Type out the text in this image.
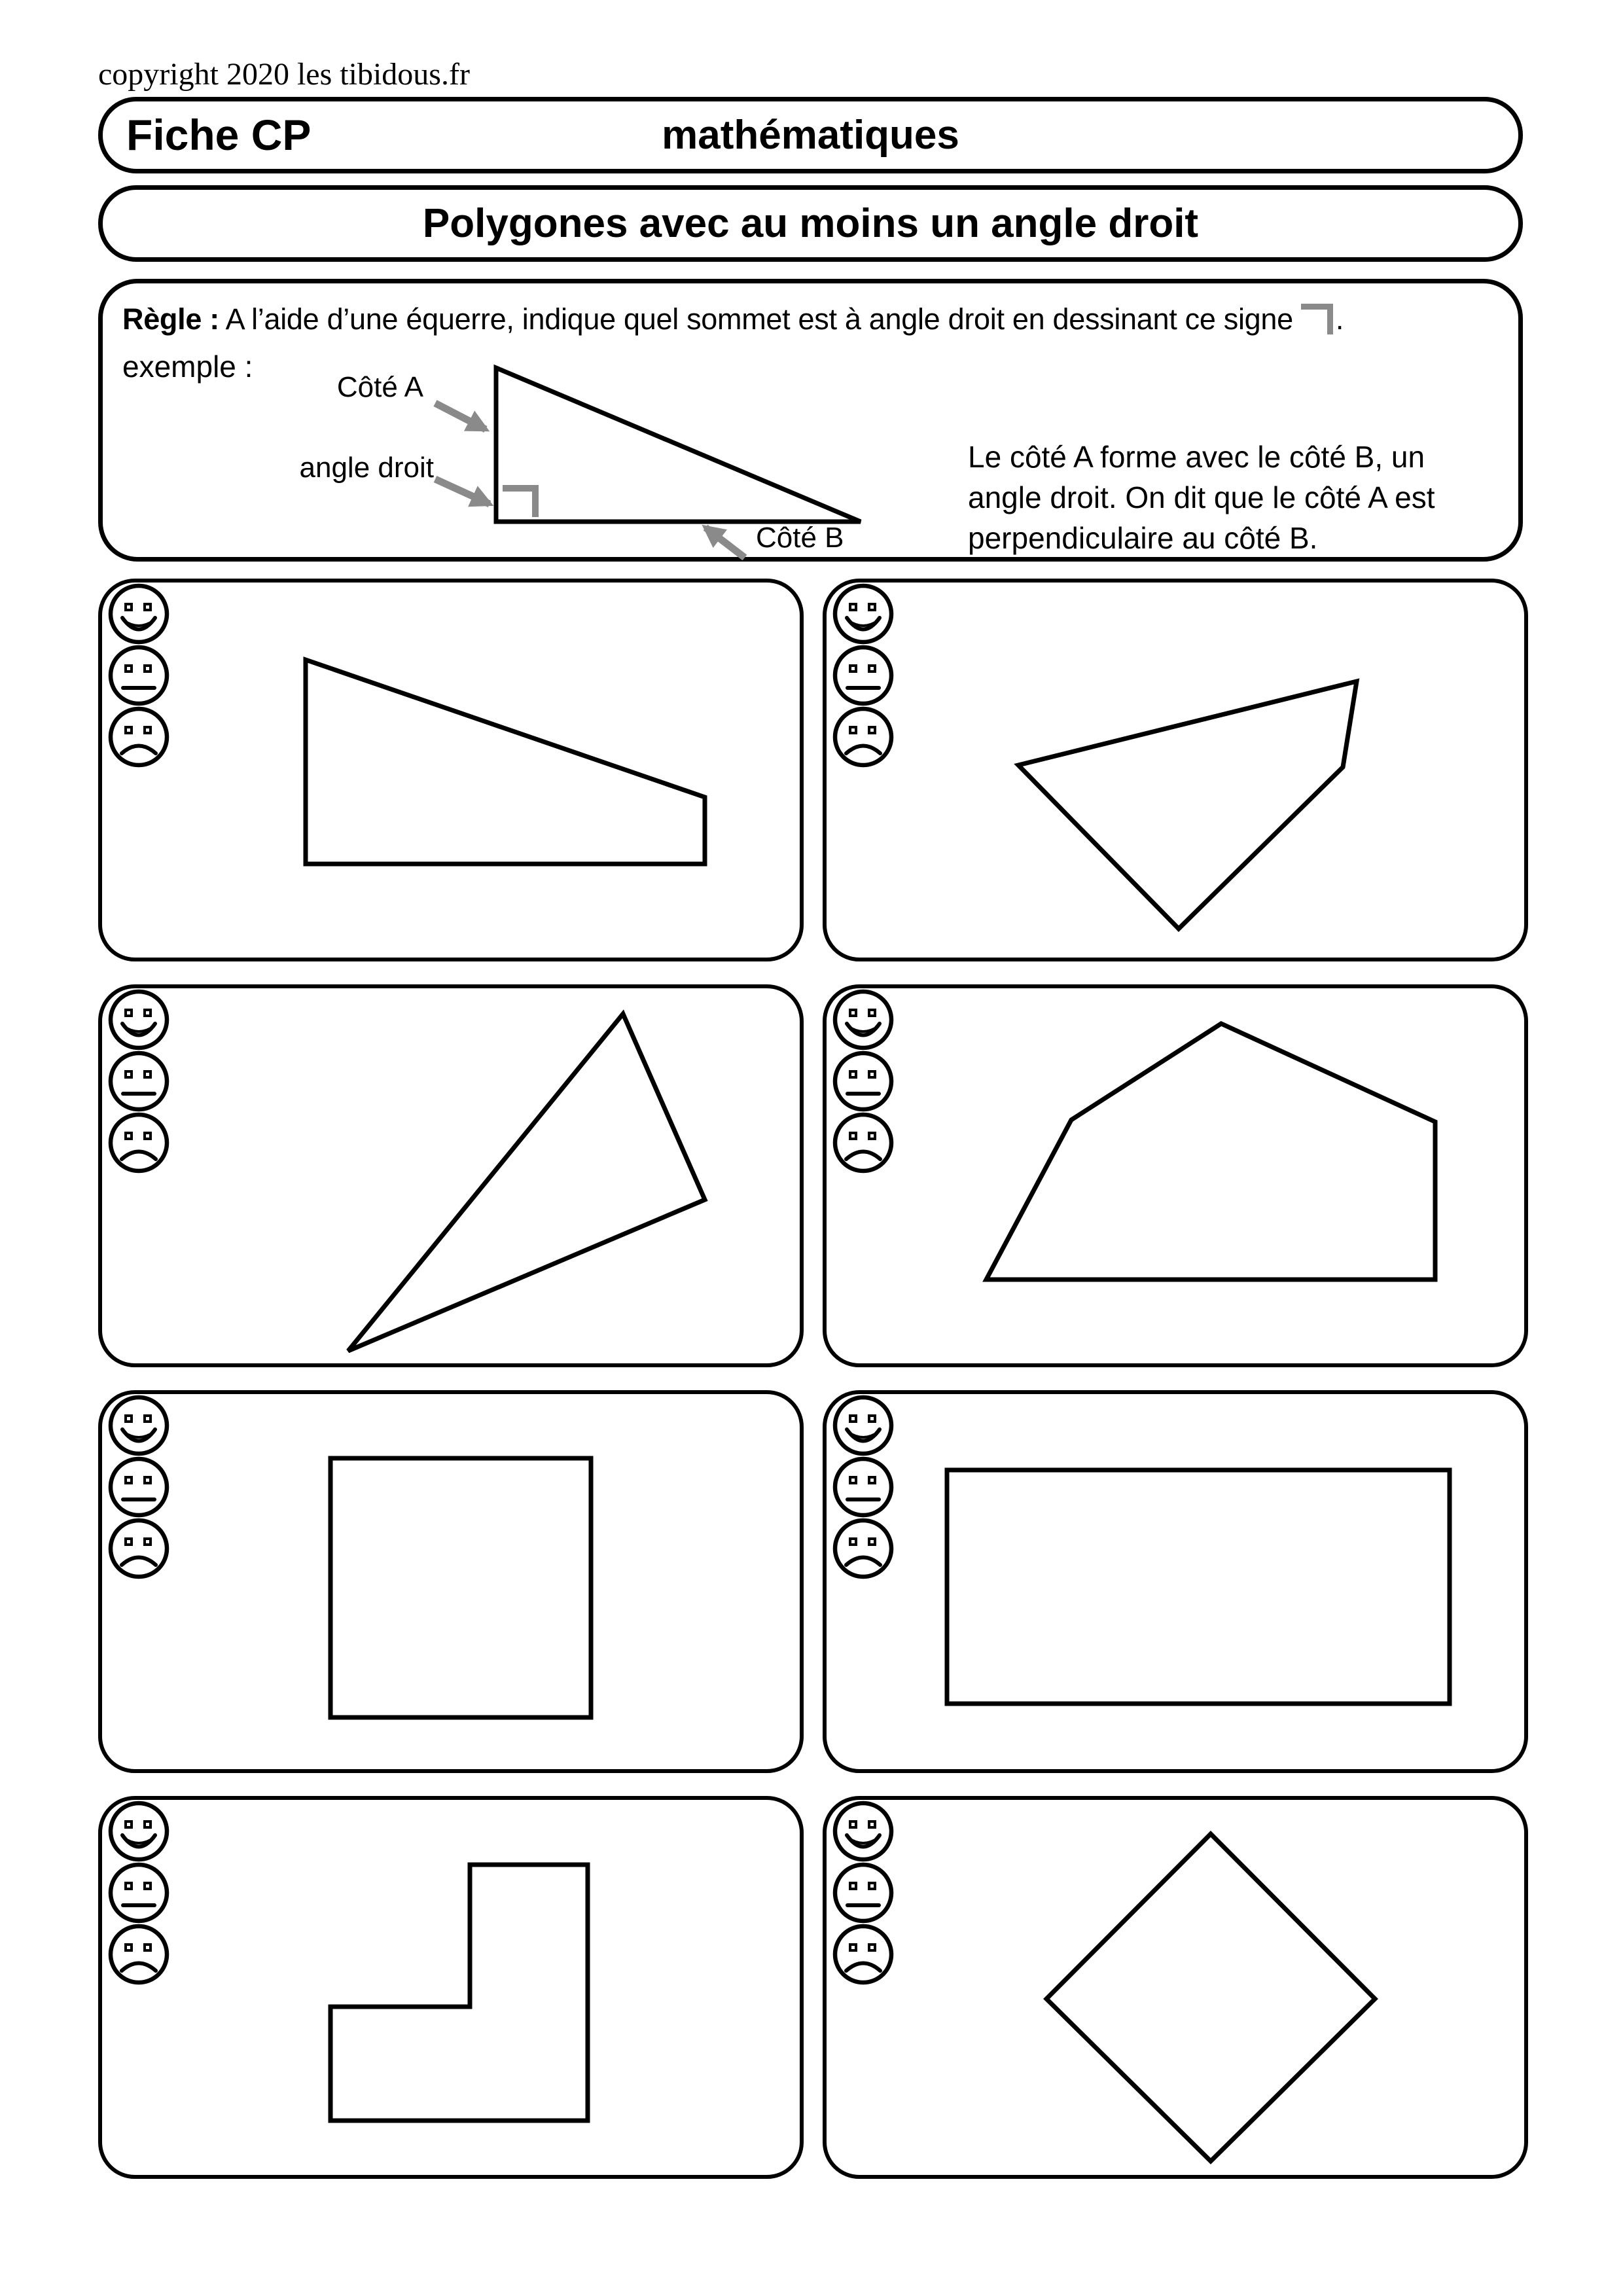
copyright 2020 les tibidous.fr
Fiche CP	mathématiques
Polygones avec au moins un angle droit
Règle : A l’aide d’une équerre, indique quel sommet est à angle droit en dessinant ce signe .
exemple :
Côté A
angle droit
Côté B
Le côté A forme avec le côté B, un
angle droit. On dit que le côté A est
perpendiculaire au côté B.
